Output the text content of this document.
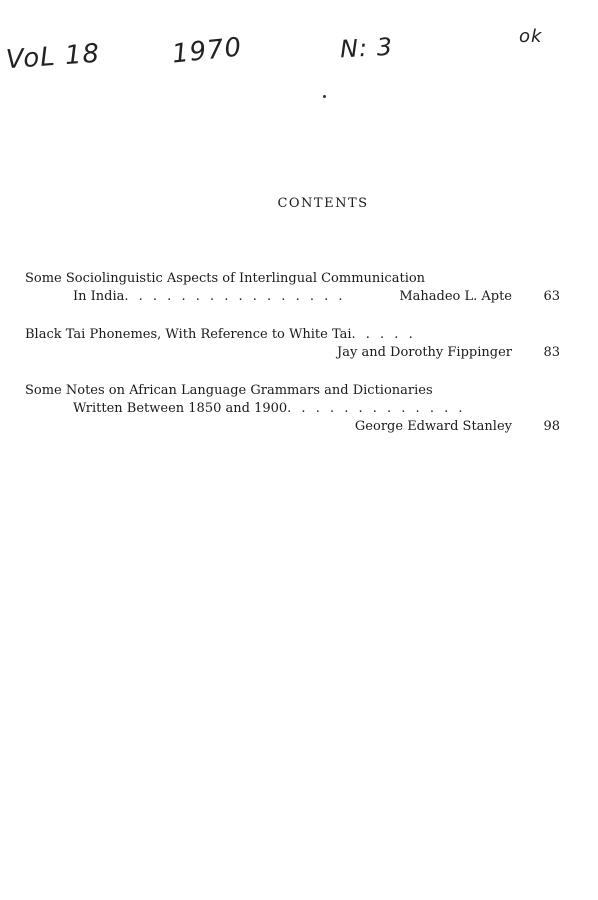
VoL 18	1970	N: 3	ok
CONTENTS
Some Sociolinguistic Aspects of Interlingual Communication
In India. . . . . . . . . . . . . . . .	Mahadeo L. Apte	63
Black Tai Phonemes, With Reference to White Tai. . . . .
Jay and Dorothy Fippinger	83
Some Notes on African Language Grammars and Dictionaries
Written Between 1850 and 1900. . . . . . . . . . . . .
George Edward Stanley	98
